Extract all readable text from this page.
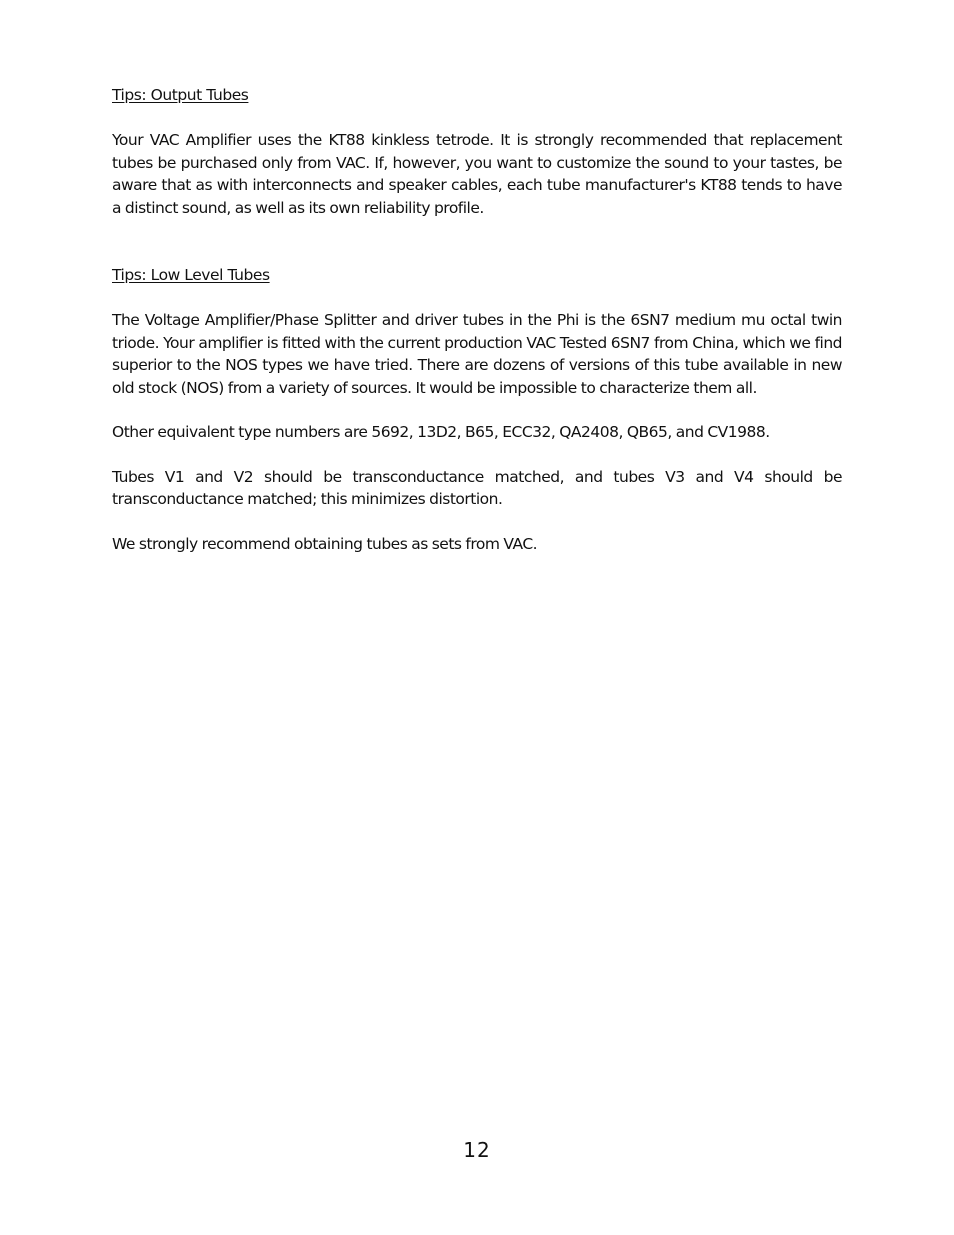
Tips: Output Tubes

Your VAC Amplifier uses the KT88 kinkless tetrode. It is strongly recommended that replacement tubes be purchased only from VAC. If, however, you want to customize the sound to your tastes, be aware that as with interconnects and speaker cables, each tube manufacturer's KT88 tends to have a distinct sound, as well as its own reliability profile.

Tips: Low Level Tubes

The Voltage Amplifier/Phase Splitter and driver tubes in the Phi is the 6SN7 medium mu octal twin triode. Your amplifier is fitted with the current production VAC Tested 6SN7 from China, which we find superior to the NOS types we have tried. There are dozens of versions of this tube available in new old stock (NOS) from a variety of sources. It would be impossible to characterize them all.

Other equivalent type numbers are 5692, 13D2, B65, ECC32, QA2408, QB65, and CV1988.

Tubes V1 and V2 should be transconductance matched, and tubes V3 and V4 should be transconductance matched; this minimizes distortion.

We strongly recommend obtaining tubes as sets from VAC.

12
